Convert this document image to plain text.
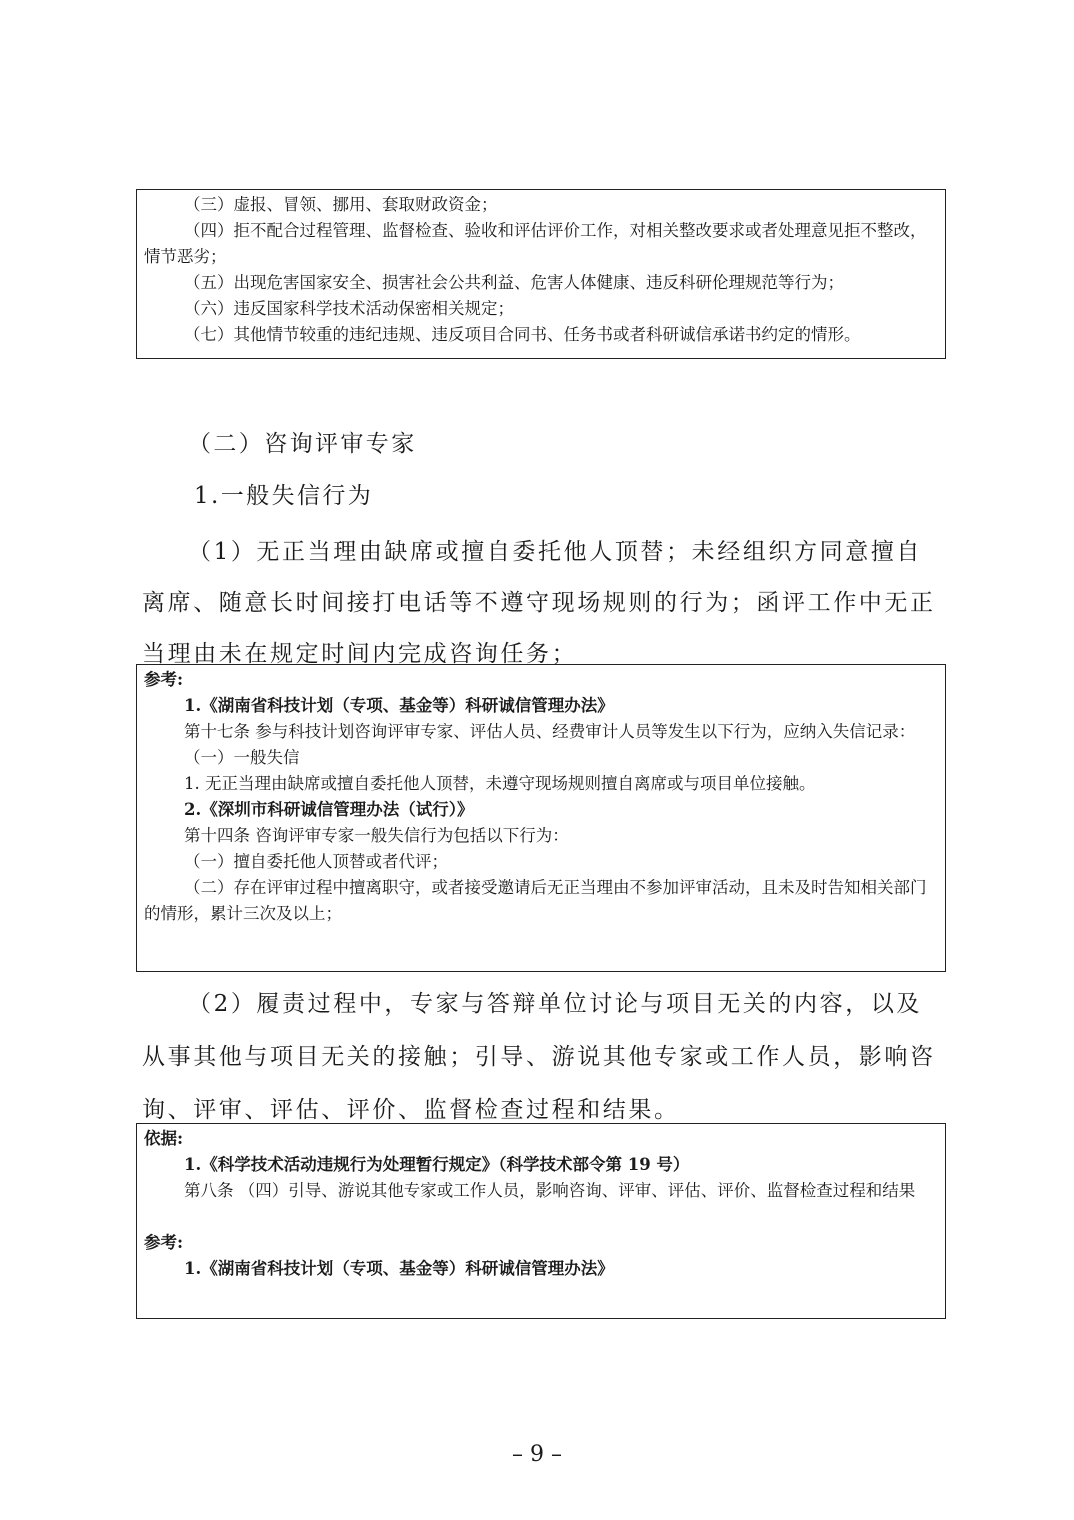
（三）虚报、冒领、挪用、套取财政资金；

（四）拒不配合过程管理、监督检查、验收和评估评价工作，对相关整改要求或者处理意见拒不整改，情节恶劣；

（五）出现危害国家安全、损害社会公共利益、危害人体健康、违反科研伦理规范等行为；

（六）违反国家科学技术活动保密相关规定；

（七）其他情节较重的违纪违规、违反项目合同书、任务书或者科研诚信承诺书约定的情形。

（二）咨询评审专家

1.一般失信行为

（1）无正当理由缺席或擅自委托他人顶替；未经组织方同意擅自离席、随意长时间接打电话等不遵守现场规则的行为；函评工作中无正当理由未在规定时间内完成咨询任务；

参考:

1.《湖南省科技计划（专项、基金等）科研诚信管理办法》

第十七条 参与科技计划咨询评审专家、评估人员、经费审计人员等发生以下行为，应纳入失信记录：

（一）一般失信

1. 无正当理由缺席或擅自委托他人顶替，未遵守现场规则擅自离席或与项目单位接触。

2.《深圳市科研诚信管理办法（试行）》

第十四条 咨询评审专家一般失信行为包括以下行为：

（一）擅自委托他人顶替或者代评；

（二）存在评审过程中擅离职守，或者接受邀请后无正当理由不参加评审活动，且未及时告知相关部门的情形，累计三次及以上；

（2）履责过程中，专家与答辩单位讨论与项目无关的内容，以及从事其他与项目无关的接触；引导、游说其他专家或工作人员，影响咨询、评审、评估、评价、监督检查过程和结果。

依据:

1.《科学技术活动违规行为处理暂行规定》（科学技术部令第 19 号）

第八条 （四）引导、游说其他专家或工作人员，影响咨询、评审、评估、评价、监督检查过程和结果

参考:

1.《湖南省科技计划（专项、基金等）科研诚信管理办法》

– 9 –
